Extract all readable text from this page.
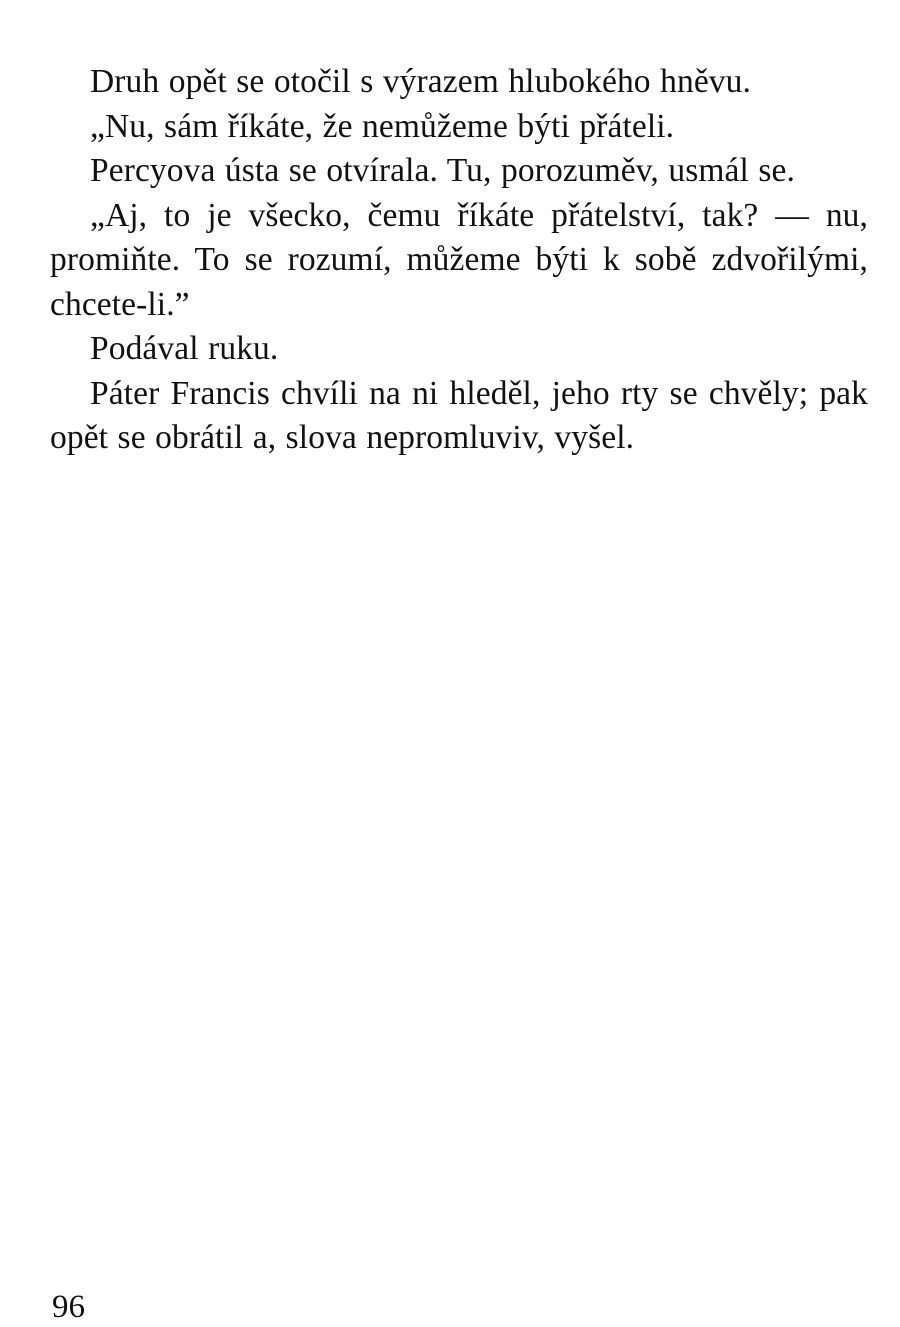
Druh opět se otočil s výrazem hlubokého hněvu.

„Nu, sám říkáte, že nemůžeme býti přáteli.

Percyova ústa se otvírala. Tu, porozuměv, usmál se.

„Aj, to je všecko, čemu říkáte přátelství, tak? — nu, promiňte. To se rozumí, můžeme býti k sobě zdvořilými, chcete-li.”

Podával ruku.

Páter Francis chvíli na ni hleděl, jeho rty se chvěly; pak opět se obrátil a, slova nepromluviv, vyšel.

96
